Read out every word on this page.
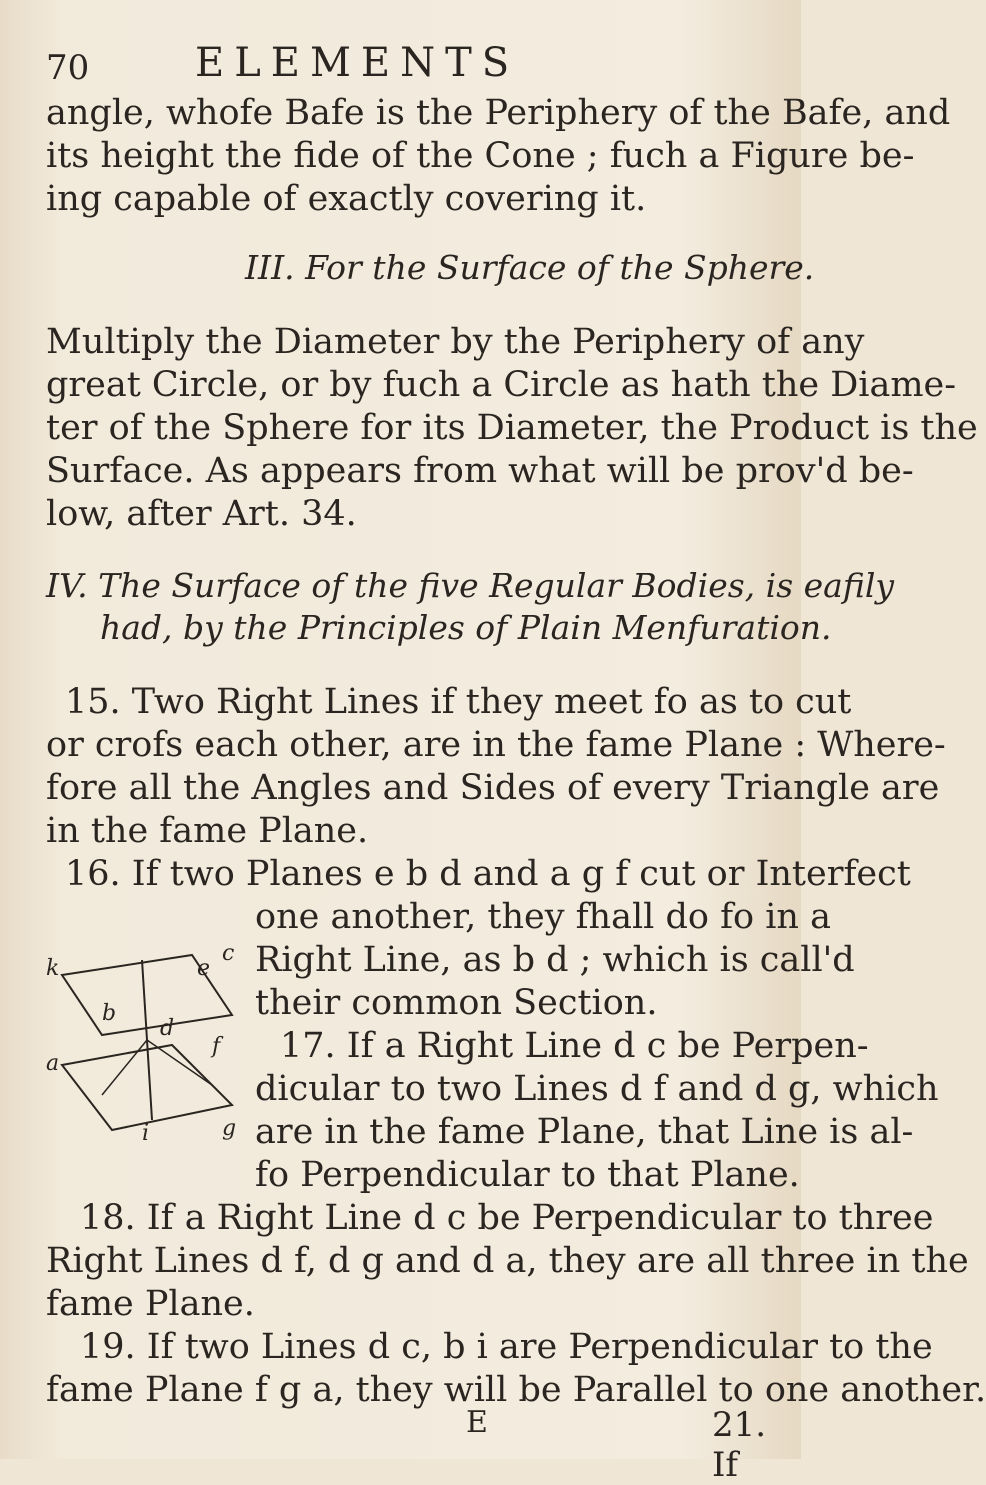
70	ELEMENTS
angle, whofe Bafe is the Periphery of the Bafe, and
its height the fide of the Cone ; fuch a Figure be-
ing capable of exactly covering it.
III. For the Surface of the Sphere.
Multiply the Diameter by the Periphery of any
great Circle, or by fuch a Circle as hath the Diame-
ter of the Sphere for its Diameter, the Product is the
Surface. As appears from what will be prov'd be-
low, after Art. 34.
IV. The Surface of the five Regular Bodies, is eafily
had, by the Principles of Plain Menfuration.
15. Two Right Lines if they meet fo as to cut
or crofs each other, are in the fame Plane : Where-
fore all the Angles and Sides of every Triangle are
in the fame Plane.
16. If two Planes e b d and a g f cut or Interfect
one another, they fhall do fo in a
Right Line, as b d ; which is call'd
their common Section.
17. If a Right Line d c be Perpen-
dicular to two Lines d f and d g, which
are in the fame Plane, that Line is al-
fo Perpendicular to that Plane.
18. If a Right Line d c be Perpendicular to three
Right Lines d f, d g and d a, they are all three in the
fame Plane.
19. If two Lines d c, b i are Perpendicular to the
fame Plane f g a, they will be Parallel to one another.
k	e
c
b
d
f
a
i	g
E	21. If
